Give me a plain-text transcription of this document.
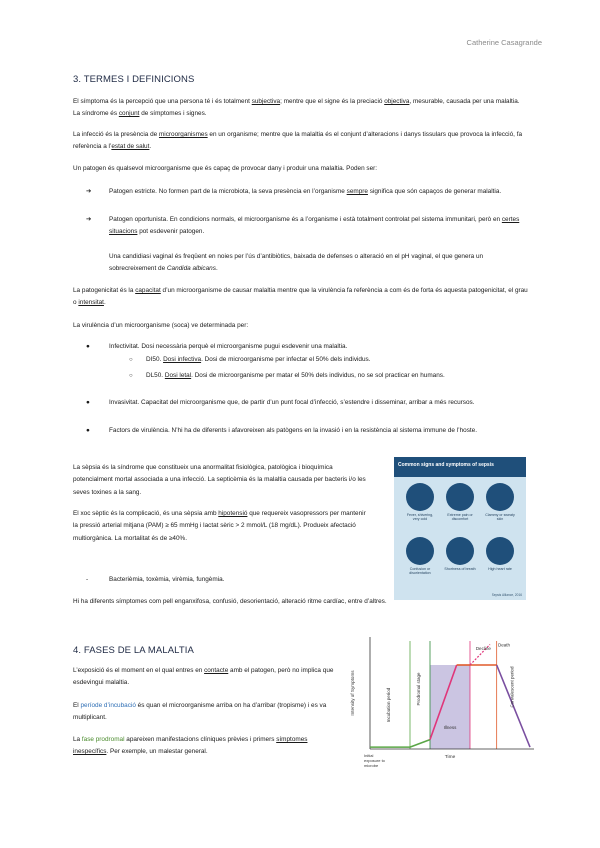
Catherine Casagrande
3. TERMES I DEFINICIONS
El símptoma és la percepció que una persona té i és totalment subjectiva; mentre que el signe és la preciació objectiva, mesurable, causada per una malaltia. La síndrome és conjunt de símptomes i signes.
La infecció és la presència de microorganismes en un organisme; mentre que la malaltia és el conjunt d’alteracions i danys tissulars que provoca la infecció, fa referència a l’estat de salut.
Un patogen és qualsevol microorganisme que és capaç de provocar dany i produir una malaltia. Poden ser:
➔	Patogen estricte. No formen part de la microbiota, la seva presència en l’organisme sempre significa que són capaços de generar malaltia.
➔	Patogen oportunista. En condicions normals, el microorganisme és a l’organisme i està totalment controlat pel sistema immunitari, però en certes situacions pot esdevenir patogen.
Una candidiasi vaginal és freqüent en noies per l’ús d’antibiòtics, baixada de defenses o alteració en el pH vaginal, el que genera un sobrecreixement de Candida albicans.
La patogenicitat és la capacitat d’un microorganisme de causar malaltia mentre que la virulència fa referència a com és de forta és aquesta patogenicitat, el grau o intensitat.
La virulència d’un microorganisme (soca) ve determinada per:
●	Infectivitat. Dosi necessària perquè el microorganisme pugui esdevenir una malaltia.
○ DI50. Dosi infectiva. Dosi de microorganisme per infectar el 50% dels individus.
○ DL50. Dosi letal. Dosi de microorganisme per matar el 50% dels individus, no se sol practicar en humans.
●	Invasivitat. Capacitat del microorganisme que, de partir d’un punt focal d’infecció, s’estendre i disseminar, arribar a més recursos.
●	Factors de virulència. N’hi ha de diferents i afavoreixen als patògens en la invasió i en la resistència al sistema immune de l’hoste.
La sèpsia és la síndrome que constitueix una anormalitat fisiològica, patològica i bioquímica potencialment mortal associada a una infecció. La septicèmia és la malaltia causada per bacteris i/o les seves toxines a la sang.
El xoc sèptic és la complicació, és una sèpsia amb hipotensió que requereix vasopressors per mantenir la pressió arterial mitjana (PAM) ≥ 65 mmHg i lactat sèric > 2 mmol/L (18 mg/dL). Produeix afectació multiorgànica. La mortalitat és de ≥40%.
-	Bacterièmia, toxèmia, virèmia, fungèmia.
Hi ha diferents símptomes com pell enganxifosa, confusió, desorientació, alteració ritme cardíac, entre d’altres.
Common signs and symptoms of sepsis
Fever, shivering, very cold
Extreme pain or discomfort
Clammy or sweaty skin
Confusion or disorientation
Shortness of breath	High heart rate
Sepsis Alliance, 2016
4. FASES DE LA MALALTIA
L’exposició és el moment en el qual entres en contacte amb el patogen, però no implica que esdevingui malaltia.
El període d’incubació és quan el microorganisme arriba on ha d’arribar (tropisme) i es va multiplicant.
La fase prodromal apareixen manifestacions clíniques prèvies i primers símptomes inespecífics. Per exemple, un malestar general.
Death
Incubation period	Prodromal stage
Illness
Decline
Convalescent period
Intensity of Symptoms
Time
Initial
exposure to
microbe
